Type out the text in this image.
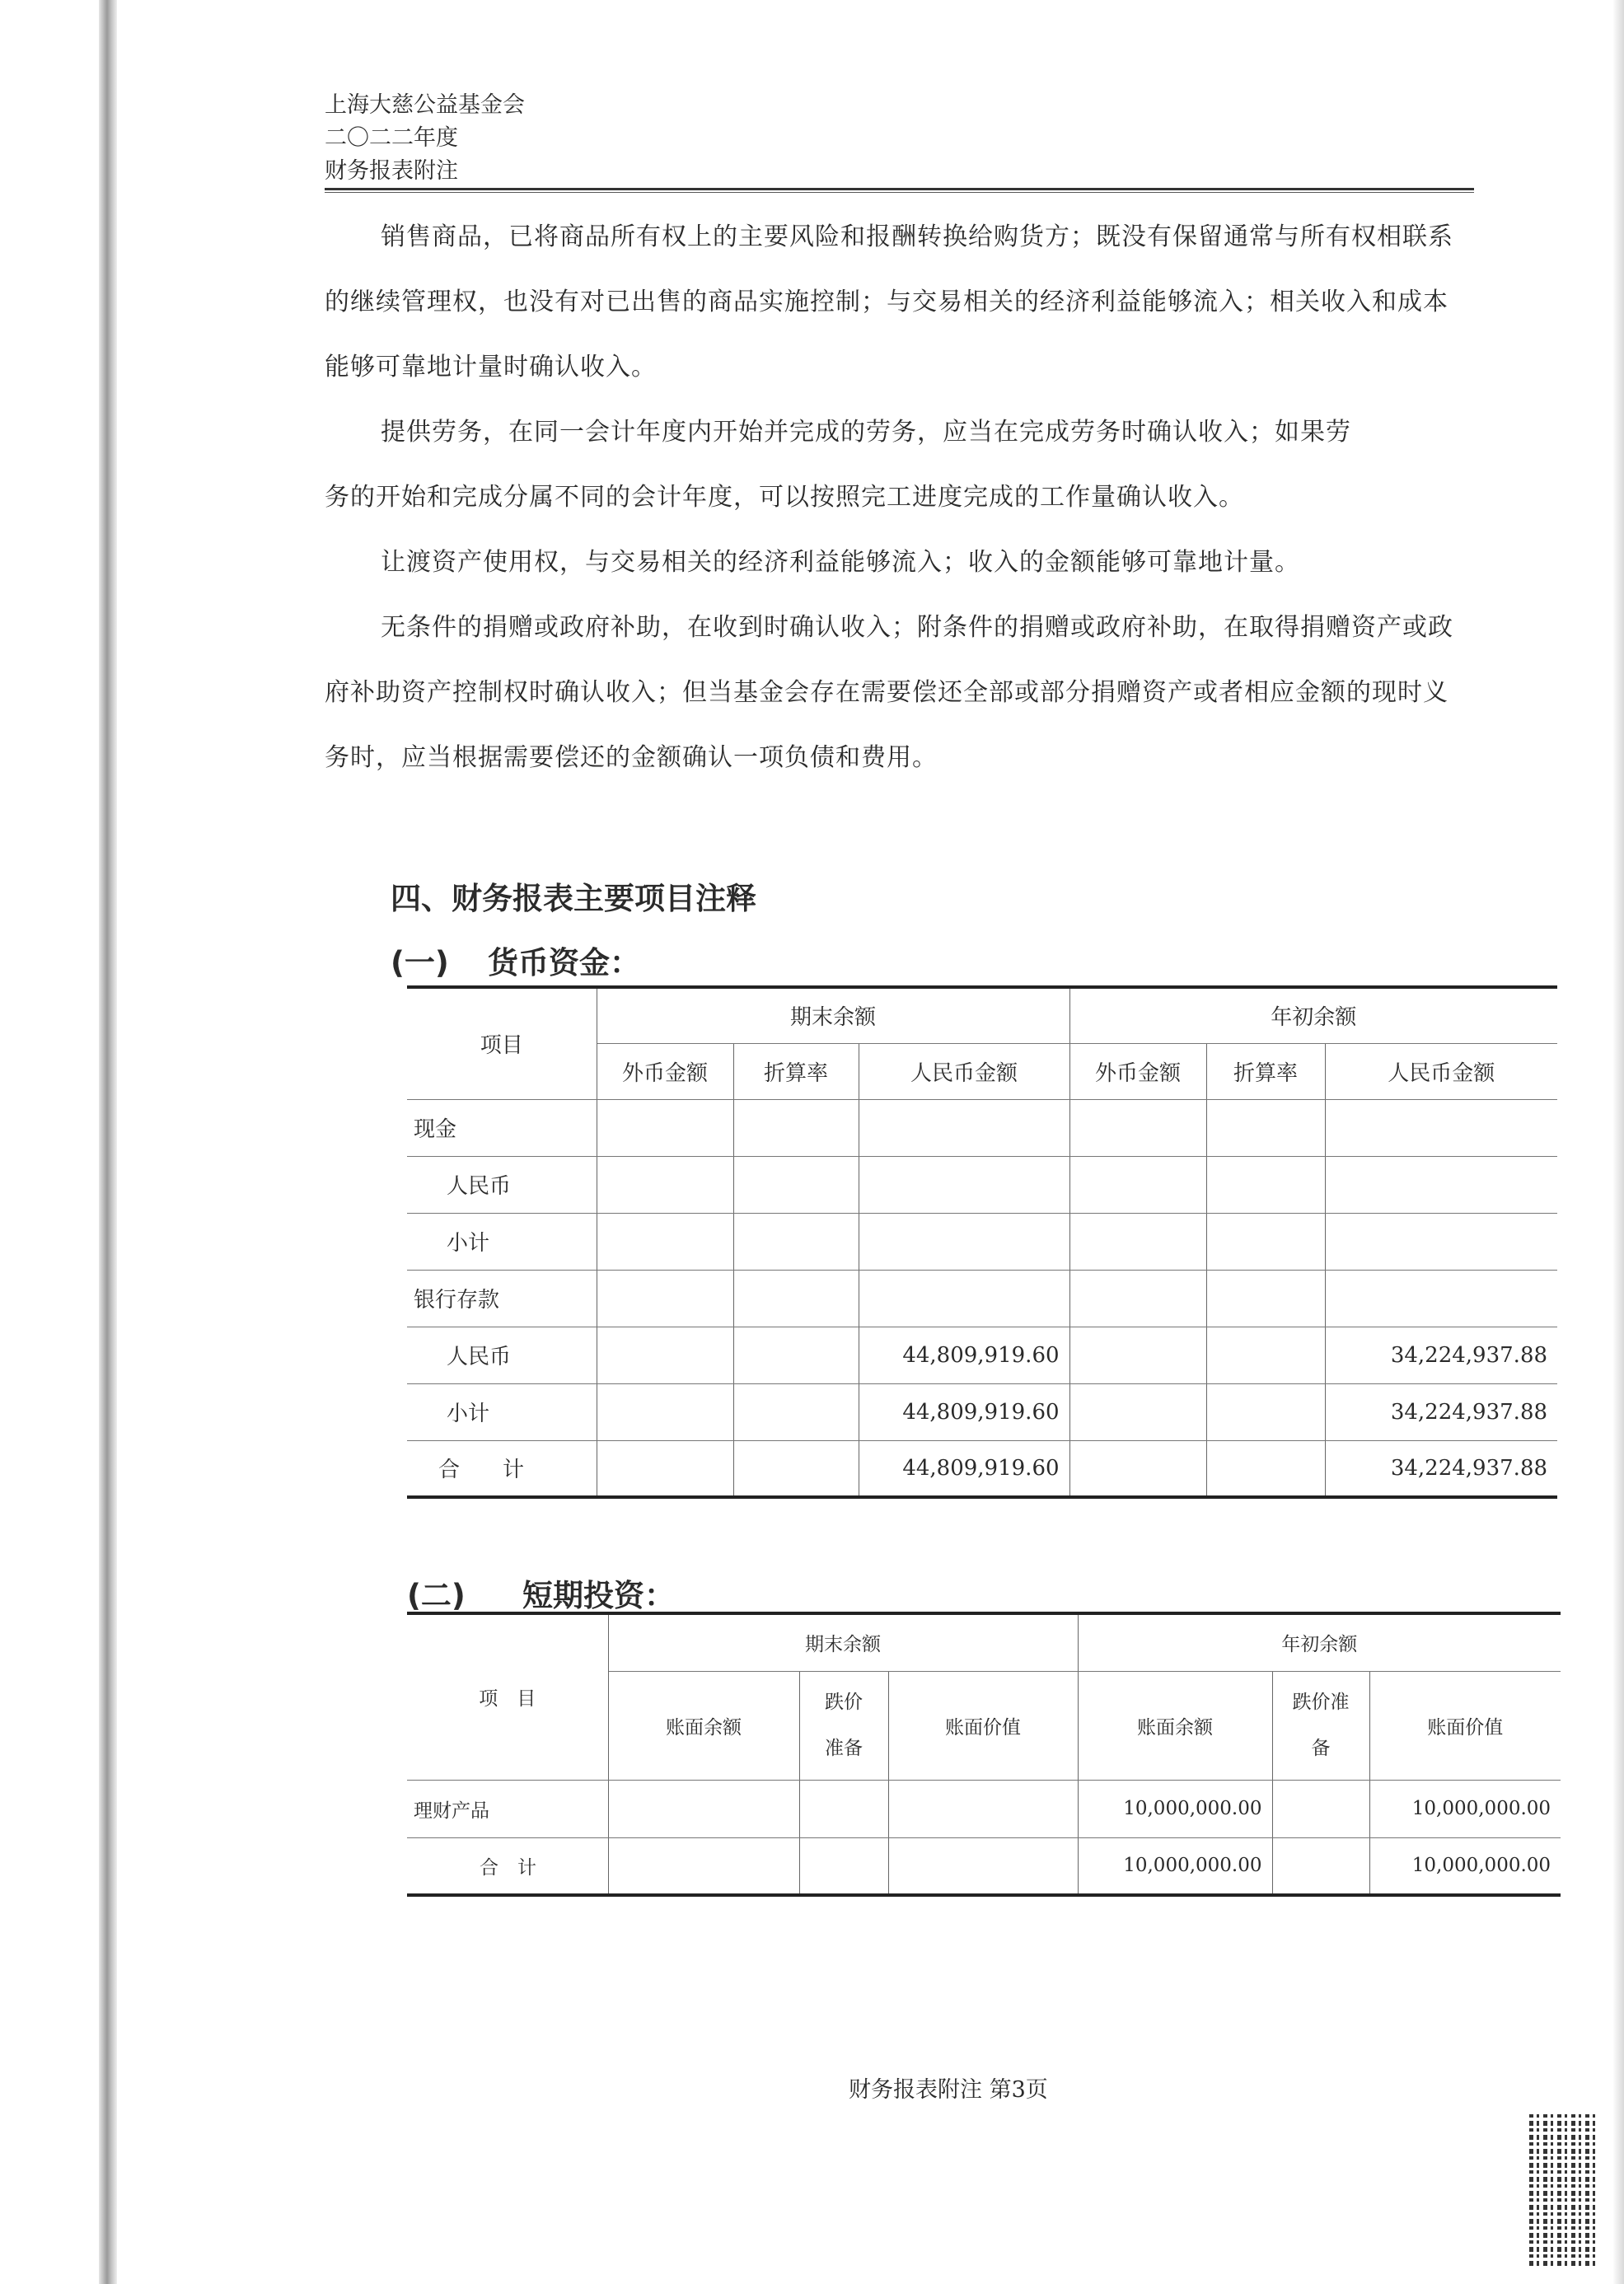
上海大慈公益基金会
二〇二二年度
财务报表附注

销售商品，已将商品所有权上的主要风险和报酬转换给购货方；既没有保留通常与所有权相联系的继续管理权，也没有对已出售的商品实施控制；与交易相关的经济利益能够流入；相关收入和成本能够可靠地计量时确认收入。

提供劳务，在同一会计年度内开始并完成的劳务，应当在完成劳务时确认收入；如果劳

务的开始和完成分属不同的会计年度，可以按照完工进度完成的工作量确认收入。

让渡资产使用权，与交易相关的经济利益能够流入；收入的金额能够可靠地计量。

无条件的捐赠或政府补助，在收到时确认收入；附条件的捐赠或政府补助，在取得捐赠资产或政府补助资产控制权时确认收入；但当基金会存在需要偿还全部或部分捐赠资产或者相应金额的现时义务时，应当根据需要偿还的金额确认一项负债和费用。

四、财务报表主要项目注释
(一) 货币资金：
项目	期末余额			年初余额		
	外币金额	折算率	人民币金额	外币金额	折算率	人民币金额
现金						
人民币						
小计						
银行存款						
人民币			44,809,919.60			34,224,937.88
小计			44,809,919.60			34,224,937.88
合　　计			44,809,919.60			34,224,937.88
(二) 短期投资：
项　目	期末余额			年初余额		
	账面余额	跌价准备	账面价值	账面余额	跌价准备	账面价值
理财产品				10,000,000.00		10,000,000.00
合　计				10,000,000.00		10,000,000.00
财务报表附注 第3页
